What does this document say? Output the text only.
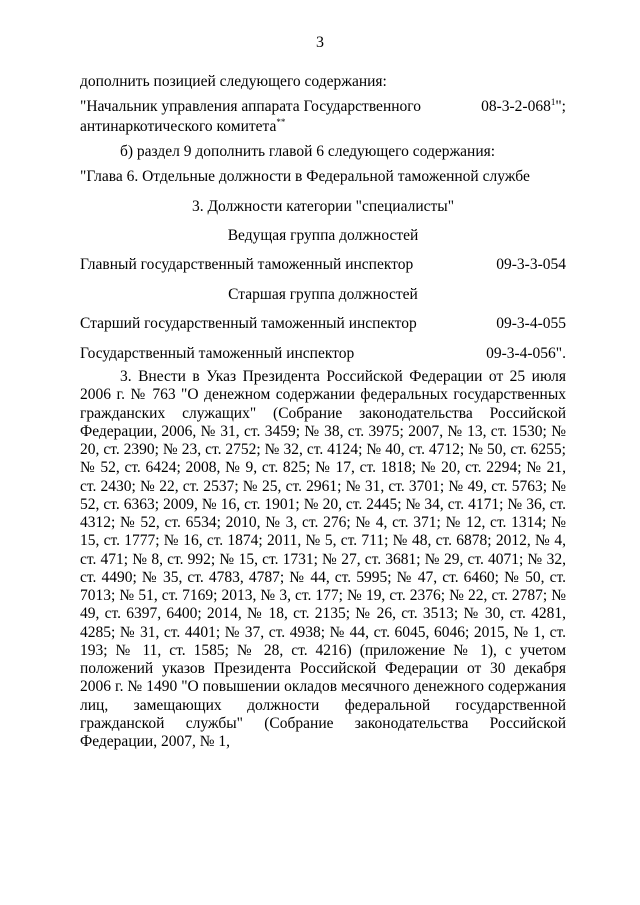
3
дополнить позицией следующего содержания:
"Начальник управления аппарата Государственного	$08-3-2-068^1$";
антинаркотического комитета**
б) раздел 9 дополнить главой 6 следующего содержания:
"Глава 6. Отдельные должности в Федеральной таможенной службе
3. Должности категории "специалисты"
Ведущая группа должностей
Главный государственный таможенный инспектор	09-3-3-054
Старшая группа должностей
Старший государственный таможенный инспектор	09-3-4-055
Государственный таможенный инспектор	09-3-4-056".
3. Внести в Указ Президента Российской Федерации от 25 июля 2006 г. № 763 "О денежном содержании федеральных государственных гражданских служащих" (Собрание законодательства Российской Федерации, 2006, № 31, ст. 3459; № 38, ст. 3975; 2007, № 13, ст. 1530; № 20, ст. 2390; № 23, ст. 2752; № 32, ст. 4124; № 40, ст. 4712; № 50, ст. 6255; № 52, ст. 6424; 2008, № 9, ст. 825; № 17, ст. 1818; № 20, ст. 2294; № 21, ст. 2430; № 22, ст. 2537; № 25, ст. 2961; № 31, ст. 3701; № 49, ст. 5763; № 52, ст. 6363; 2009, № 16, ст. 1901; № 20, ст. 2445; № 34, ст. 4171; № 36, ст. 4312; № 52, ст. 6534; 2010, № 3, ст. 276; № 4, ст. 371; № 12, ст. 1314; № 15, ст. 1777; № 16, ст. 1874; 2011, № 5, ст. 711; № 48, ст. 6878; 2012, № 4, ст. 471; № 8, ст. 992; № 15, ст. 1731; № 27, ст. 3681; № 29, ст. 4071; № 32, ст. 4490; № 35, ст. 4783, 4787; № 44, ст. 5995; № 47, ст. 6460; № 50, ст. 7013; № 51, ст. 7169; 2013, № 3, ст. 177; № 19, ст. 2376; № 22, ст. 2787; № 49, ст. 6397, 6400; 2014, № 18, ст. 2135; № 26, ст. 3513; № 30, ст. 4281, 4285; № 31, ст. 4401; № 37, ст. 4938; № 44, ст. 6045, 6046; 2015, № 1, ст. 193; № 11, ст. 1585; № 28, ст. 4216) (приложение № 1), с учетом положений указов Президента Российской Федерации от 30 декабря 2006 г. № 1490 "О повышении окладов месячного денежного содержания лиц, замещающих должности федеральной государственной гражданской службы" (Собрание законодательства Российской Федерации, 2007, № 1,
